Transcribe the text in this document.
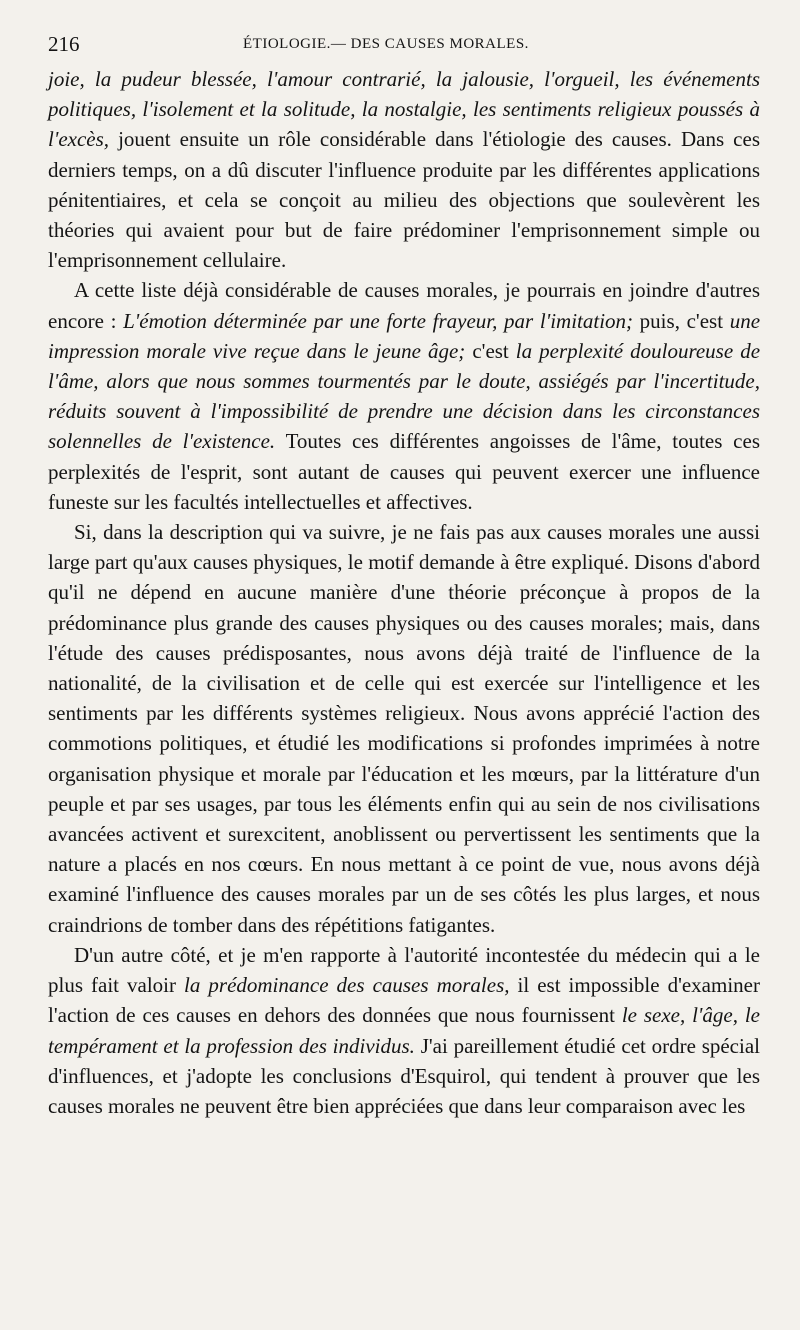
216	ÉTIOLOGIE.— DES CAUSES MORALES.

joie, la pudeur blessée, l'amour contrarié, la jalousie, l'orgueil, les événements politiques, l'isolement et la solitude, la nostalgie, les sentiments religieux poussés à l'excès, jouent ensuite un rôle considérable dans l'étiologie des causes. Dans ces derniers temps, on a dû discuter l'influence produite par les différentes applications pénitentiaires, et cela se conçoit au milieu des objections que soulevèrent les théories qui avaient pour but de faire prédominer l'emprisonnement simple ou l'emprisonnement cellulaire.

A cette liste déjà considérable de causes morales, je pourrais en joindre d'autres encore : L'émotion déterminée par une forte frayeur, par l'imitation; puis, c'est une impression morale vive reçue dans le jeune âge; c'est la perplexité douloureuse de l'âme, alors que nous sommes tourmentés par le doute, assiégés par l'incertitude, réduits souvent à l'impossibilité de prendre une décision dans les circonstances solennelles de l'existence. Toutes ces différentes angoisses de l'âme, toutes ces perplexités de l'esprit, sont autant de causes qui peuvent exercer une influence funeste sur les facultés intellectuelles et affectives.

Si, dans la description qui va suivre, je ne fais pas aux causes morales une aussi large part qu'aux causes physiques, le motif demande à être expliqué. Disons d'abord qu'il ne dépend en aucune manière d'une théorie préconçue à propos de la prédominance plus grande des causes physiques ou des causes morales; mais, dans l'étude des causes prédisposantes, nous avons déjà traité de l'influence de la nationalité, de la civilisation et de celle qui est exercée sur l'intelligence et les sentiments par les différents systèmes religieux. Nous avons apprécié l'action des commotions politiques, et étudié les modifications si profondes imprimées à notre organisation physique et morale par l'éducation et les mœurs, par la littérature d'un peuple et par ses usages, par tous les éléments enfin qui au sein de nos civilisations avancées activent et surexcitent, anoblissent ou pervertissent les sentiments que la nature a placés en nos cœurs. En nous mettant à ce point de vue, nous avons déjà examiné l'influence des causes morales par un de ses côtés les plus larges, et nous craindrions de tomber dans des répétitions fatigantes.

D'un autre côté, et je m'en rapporte à l'autorité incontestée du médecin qui a le plus fait valoir la prédominance des causes morales, il est impossible d'examiner l'action de ces causes en dehors des données que nous fournissent le sexe, l'âge, le tempérament et la profession des individus. J'ai pareillement étudié cet ordre spécial d'influences, et j'adopte les conclusions d'Esquirol, qui tendent à prouver que les causes morales ne peuvent être bien appréciées que dans leur comparaison avec les
